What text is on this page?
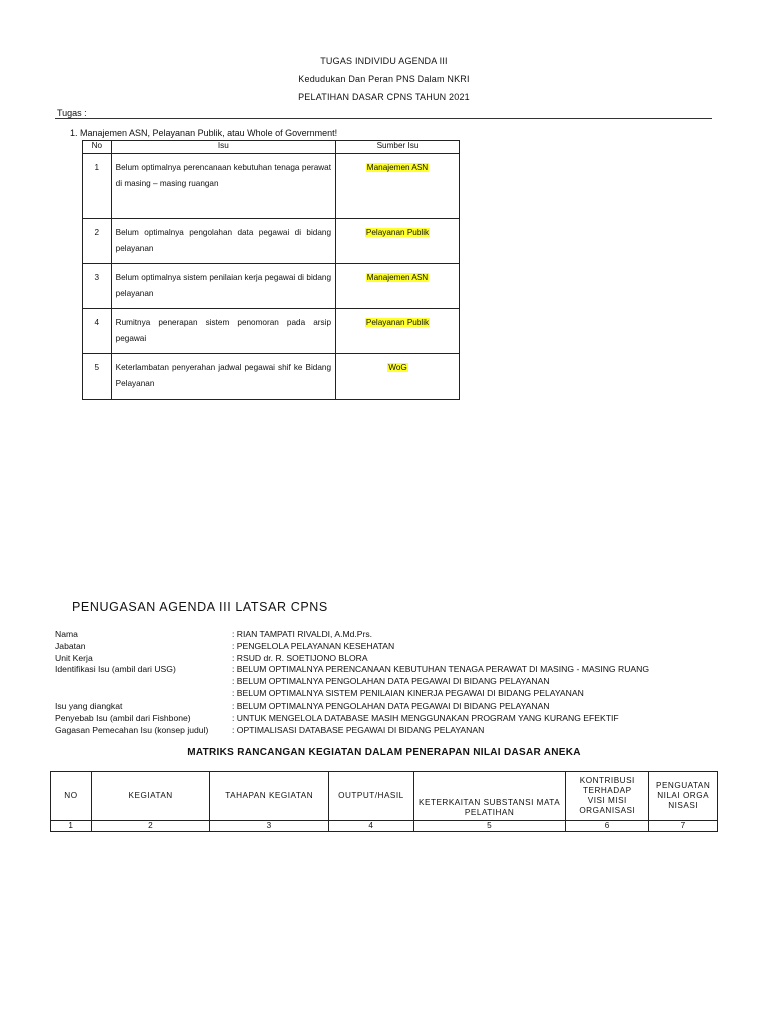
TUGAS INDIVIDU AGENDA III
Kedudukan Dan Peran PNS Dalam NKRI
PELATIHAN DASAR CPNS TAHUN 2021
Tugas :
1. Manajemen ASN, Pelayanan Publik, atau Whole of Government!
No	Isu	Sumber Isu
1	Belum optimalnya perencanaan kebutuhan tenaga perawat di masing – masing ruangan	Manajemen ASN
2	Belum optimalnya pengolahan data pegawai di bidang pelayanan	Pelayanan Publik
3	Belum optimalnya sistem penilaian kerja pegawai di bidang pelayanan	Manajemen ASN
4	Rumitnya penerapan sistem penomoran pada arsip pegawai	Pelayanan Publik
5	Keterlambatan penyerahan jadwal pegawai shif ke Bidang Pelayanan	WoG
PENUGASAN AGENDA III LATSAR CPNS
Nama	: RIAN TAMPATI RIVALDI, A.Md.Prs.
Jabatan	: PENGELOLA PELAYANAN KESEHATAN
Unit Kerja	: RSUD dr. R. SOETIJONO BLORA
Identifikasi Isu (ambil dari USG)	: BELUM OPTIMALNYA PERENCANAAN KEBUTUHAN TENAGA PERAWAT DI MASING - MASING RUANG
: BELUM OPTIMALNYA PENGOLAHAN DATA PEGAWAI DI BIDANG PELAYANAN
: BELUM OPTIMALNYA SISTEM PENILAIAN KINERJA PEGAWAI DI BIDANG PELAYANAN
Isu yang diangkat	: BELUM OPTIMALNYA PENGOLAHAN DATA PEGAWAI DI BIDANG PELAYANAN
Penyebab Isu (ambil dari Fishbone)	: UNTUK MENGELOLA DATABASE MASIH MENGGUNAKAN PROGRAM YANG KURANG EFEKTIF
Gagasan Pemecahan Isu (konsep judul)	: OPTIMALISASI DATABASE PEGAWAI DI BIDANG PELAYANAN
MATRIKS RANCANGAN KEGIATAN DALAM PENERAPAN NILAI DASAR ANEKA
NO	KEGIATAN	TAHAPAN KEGIATAN	OUTPUT/HASIL	KETERKAITAN SUBSTANSI MATA PELATIHAN	KONTRIBUSI TERHADAP VISI MISI ORGANISASI	PENGUATAN NILAI ORGANISASI
1	2	3	4	5	6	7
